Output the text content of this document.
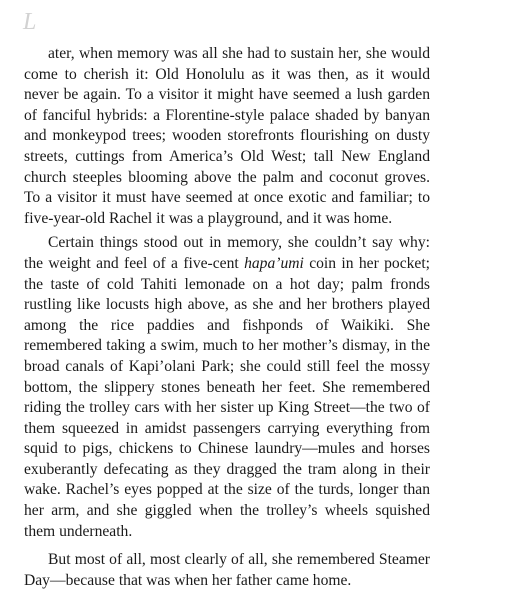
L

ater, when memory was all she had to sustain her, she would come to cherish it: Old Honolulu as it was then, as it would never be again. To a visitor it might have seemed a lush garden of fanciful hybrids: a Florentine-style palace shaded by banyan and monkeypod trees; wooden storefronts flourishing on dusty streets, cuttings from America’s Old West; tall New England church steeples blooming above the palm and coconut groves. To a visitor it must have seemed at once exotic and familiar; to five-year-old Rachel it was a playground, and it was home.

Certain things stood out in memory, she couldn’t say why: the weight and feel of a five-cent hapa’umi coin in her pocket; the taste of cold Tahiti lemonade on a hot day; palm fronds rustling like locusts high above, as she and her brothers played among the rice paddies and fishponds of Waikiki. She remembered taking a swim, much to her mother’s dismay, in the broad canals of Kapi’olani Park; she could still feel the mossy bottom, the slippery stones beneath her feet. She remembered riding the trolley cars with her sister up King Street—the two of them squeezed in amidst passengers carrying everything from squid to pigs, chickens to Chinese laundry—mules and horses exuberantly defecating as they dragged the tram along in their wake. Rachel’s eyes popped at the size of the turds, longer than her arm, and she giggled when the trolley’s wheels squished them underneath.

But most of all, most clearly of all, she remembered Steamer Day—because that was when her father came home.
